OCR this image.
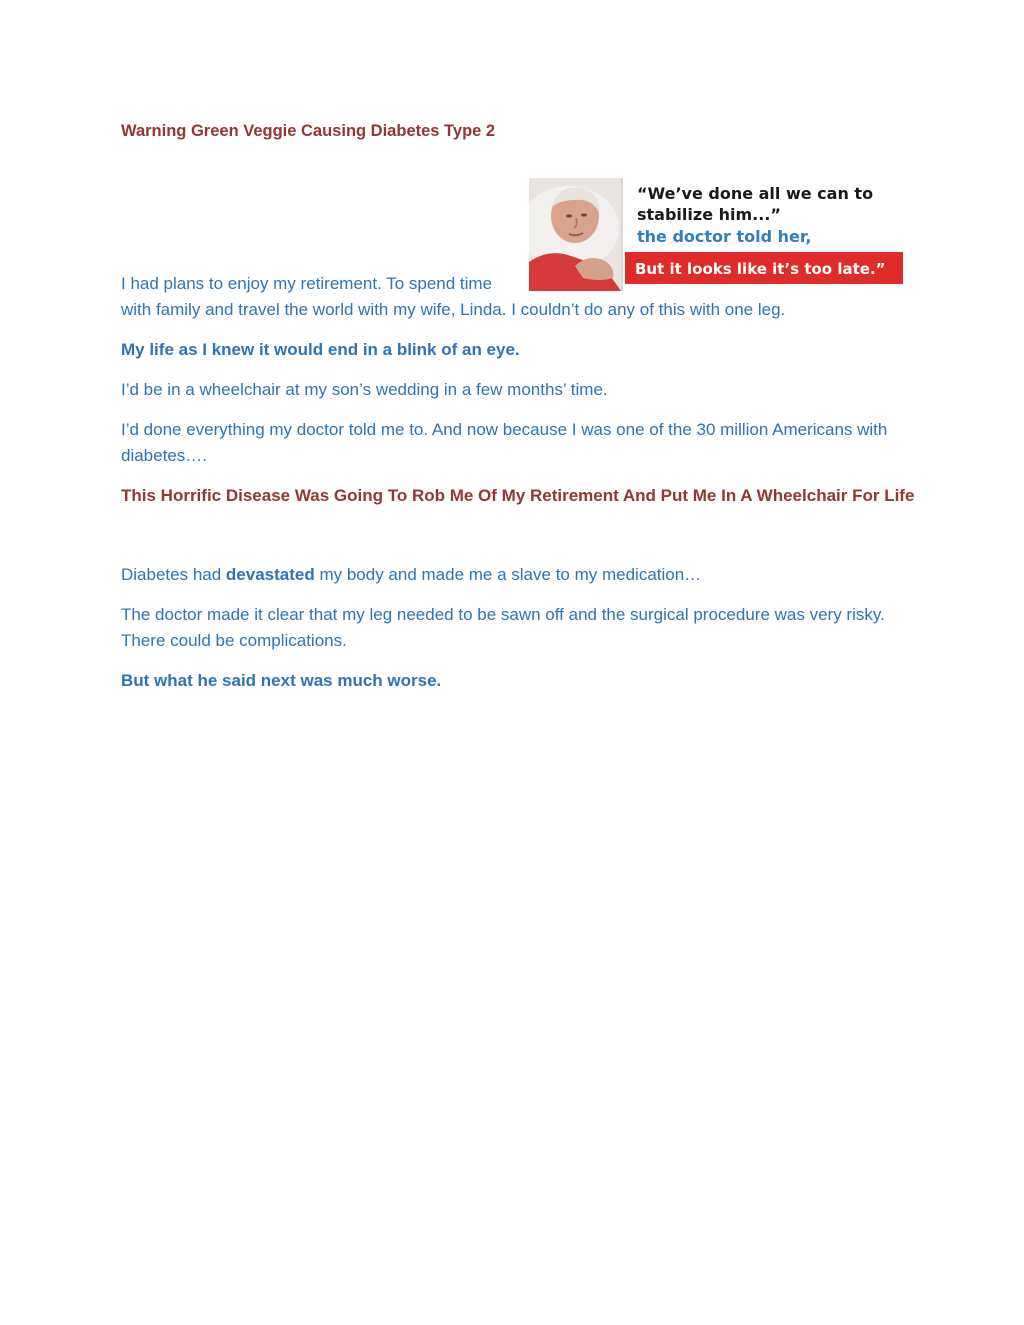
Warning Green Veggie Causing Diabetes Type 2
“We’ve done all we can to
stabilize him...”
the doctor told her,
But it looks like it’s too late.”

I had plans to enjoy my retirement. To spend time

with family and travel the world with my wife, Linda. I couldn’t do any of this with one leg.

My life as I knew it would end in a blink of an eye.

I’d be in a wheelchair at my son’s wedding in a few months’ time.

I’d done everything my doctor told me to. And now because I was one of the 30 million Americans with diabetes….

This Horrific Disease Was Going To Rob Me Of My Retirement And Put Me In A Wheelchair For Life

Diabetes had devastated my body and made me a slave to my medication…

The doctor made it clear that my leg needed to be sawn off and the surgical procedure was very risky. There could be complications.

But what he said next was much worse.
